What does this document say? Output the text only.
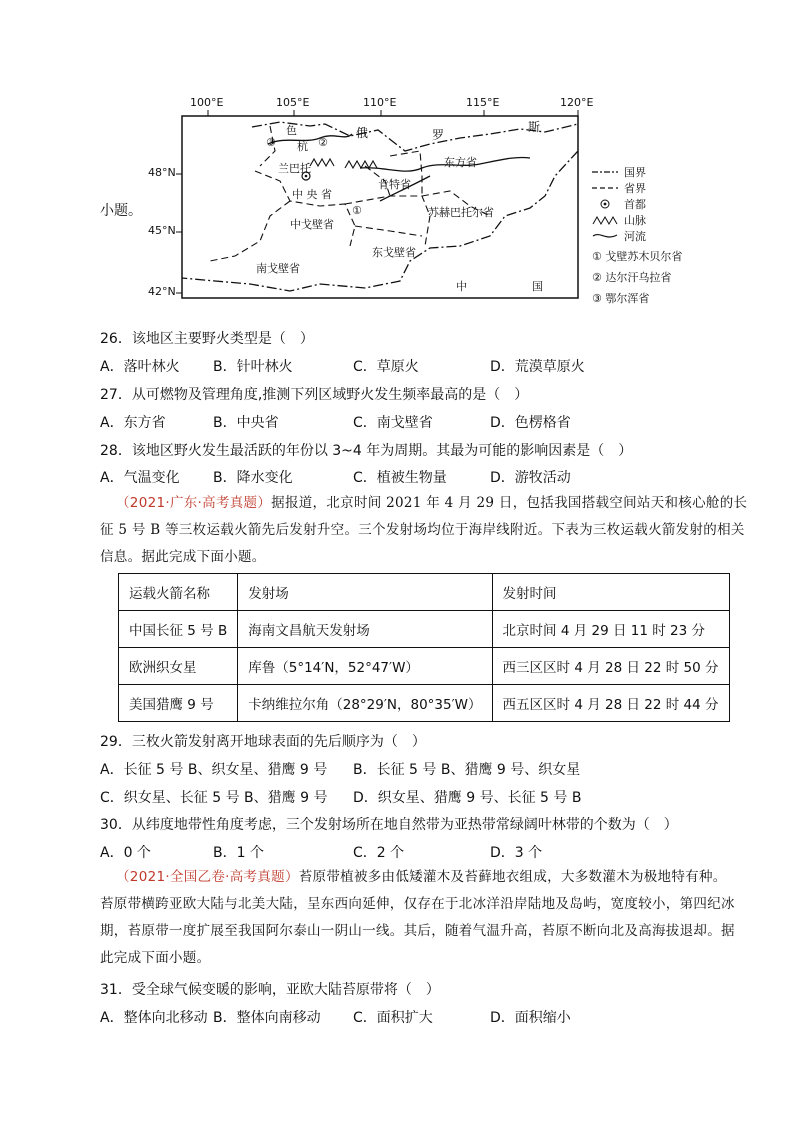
100°E	105°E	110°E	115°E	120°E
48°N
45°N
42°N
色	俄	罗
斯
③ 杭 ②
兰巴托	东方省
中 央 省
肯特省
①	苏赫巴托尔省
中戈壁省
东戈壁省
南戈壁省
中	国
国界
省界
首都
山脉
河流
① 戈壁苏木贝尔省
② 达尔汗乌拉省
③ 鄂尔浑省
小题。
26．该地区主要野火类型是（　）
A．落叶林火 B．针叶林火	C．草原火	D．荒漠草原火
27．从可燃物及管理角度,推测下列区域野火发生频率最高的是（　）
A．东方省	B．中央省	C．南戈壁省	D．色楞格省
28．该地区野火发生最活跃的年份以 3~4 年为周期。其最为可能的影响因素是（　）
A．气温变化 B．降水变化	C．植被生物量	D．游牧活动
（2021·广东·高考真题）据报道，北京时间 2021 年 4 月 29 日，包括我国搭载空间站天和核心舱的长
征 5 号 B 等三枚运载火箭先后发射升空。三个发射场均位于海岸线附近。下表为三枚运载火箭发射的相关
信息。据此完成下面小题。
运载火箭名称	发射场	发射时间
中国长征 5 号 B	海南文昌航天发射场	北京时间 4 月 29 日 11 时 23 分
欧洲织女星	库鲁（5°14′N，52°47′W）	西三区区时 4 月 28 日 22 时 50 分
美国猎鹰 9 号	卡纳维拉尔角（28°29′N，80°35′W）	西五区区时 4 月 28 日 22 时 44 分
29．三枚火箭发射离开地球表面的先后顺序为（　）
A．长征 5 号 B、织女星、猎鹰 9 号 B．长征 5 号 B、猎鹰 9 号、织女星
C．织女星、长征 5 号 B、猎鹰 9 号 D．织女星、猎鹰 9 号、长征 5 号 B
30．从纬度地带性角度考虑，三个发射场所在地自然带为亚热带常绿阔叶林带的个数为（　）
A．0 个	B．1 个	C．2 个	D．3 个
（2021·全国乙卷·高考真题）苔原带植被多由低矮灌木及苔藓地衣组成，大多数灌木为极地特有种。
苔原带横跨亚欧大陆与北美大陆，呈东西向延伸，仅存在于北冰洋沿岸陆地及岛屿，宽度较小，第四纪冰
期，苔原带一度扩展至我国阿尔泰山一阴山一线。其后，随着气温升高，苔原不断向北及高海拔退却。据
此完成下面小题。
31．受全球气候变暖的影响，亚欧大陆苔原带将（　）
A．整体向北移动 B．整体向南移动 C．面积扩大	D．面积缩小
